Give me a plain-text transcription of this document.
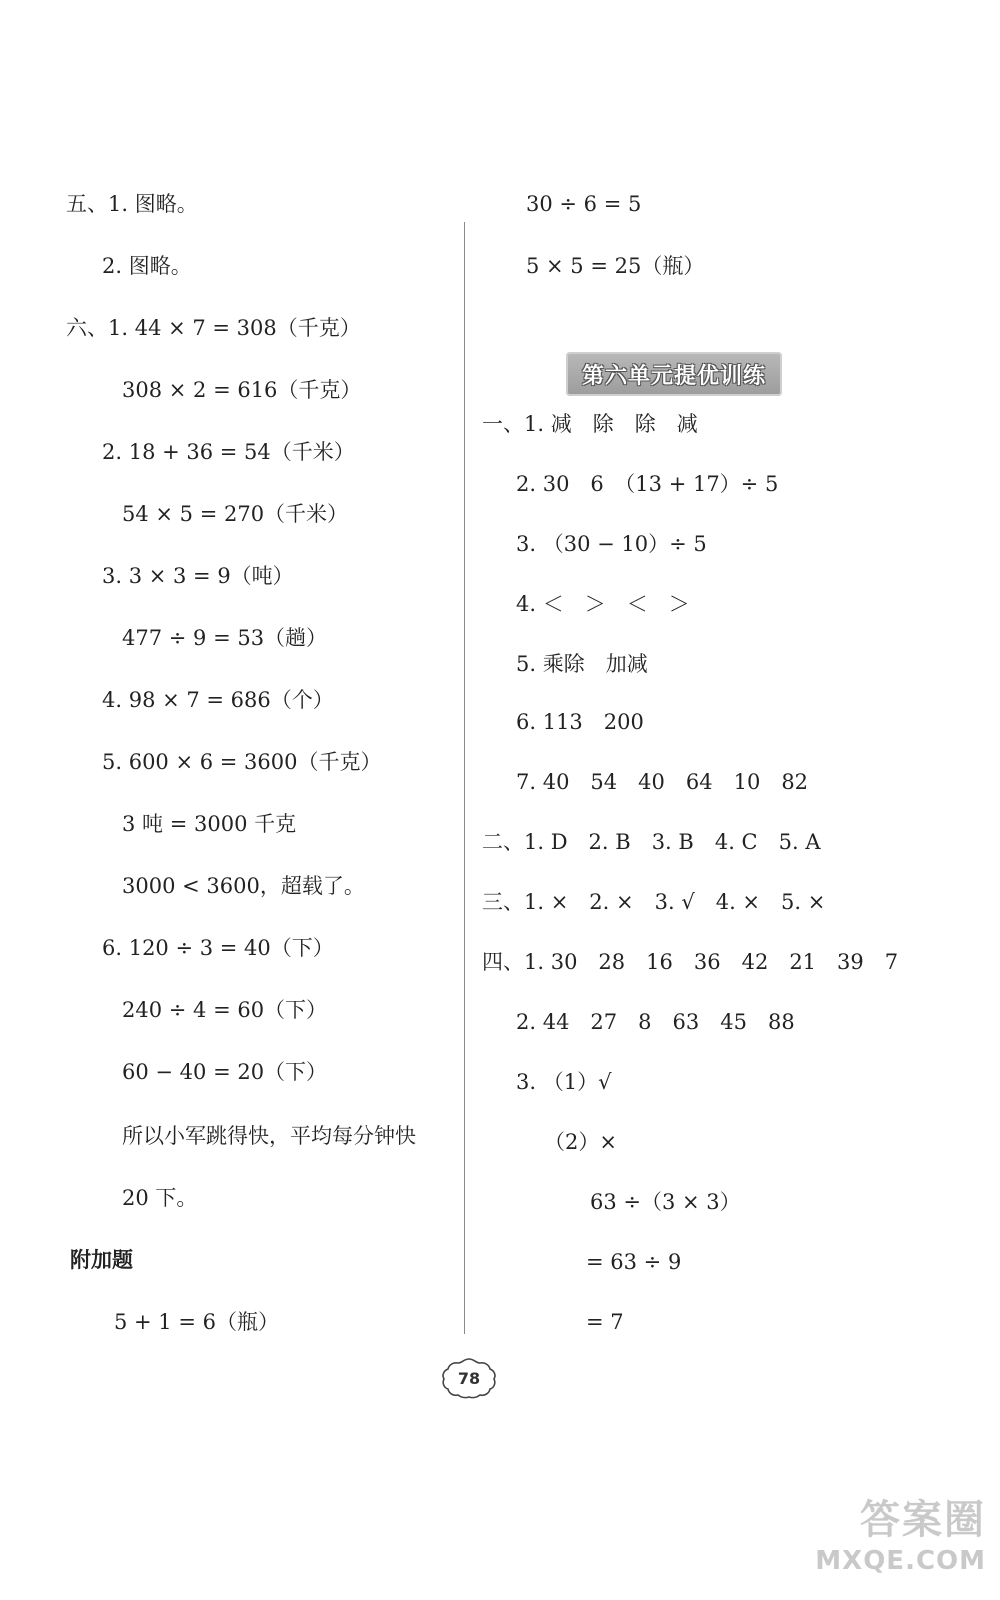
五、1. 图略。
2. 图略。
六、1. 44 × 7 = 308（千克）
308 × 2 = 616（千克）
2. 18 + 36 = 54（千米）
54 × 5 = 270（千米）
3. 3 × 3 = 9（吨）
477 ÷ 9 = 53（趟）
4. 98 × 7 = 686（个）
5. 600 × 6 = 3600（千克）
3 吨 = 3000 千克
3000 < 3600，超载了。
6. 120 ÷ 3 = 40（下）
240 ÷ 4 = 60（下）
60 − 40 = 20（下）
所以小军跳得快，平均每分钟快
20 下。
附加题
5 + 1 = 6（瓶）
30 ÷ 6 = 5
5 × 5 = 25（瓶）
第六单元提优训练
一、1. 减　除　除　减
2. 30　6　（13 + 17）÷ 5
3. （30 − 10）÷ 5
4. ＜　＞　＜　＞
5. 乘除　加减
6. 113　200
7. 40　54　40　64　10　82
二、1. D　2. B　3. B　4. C　5. A
三、1. ×　2. ×　3. √　4. ×　5. ×
四、1. 30　28　16　36　42　21　39　7
2. 44　27　8　63　45　88
3. （1）√
（2）×
63 ÷（3 × 3）
= 63 ÷ 9
= 7
78
答案圈
MXQE.COM
